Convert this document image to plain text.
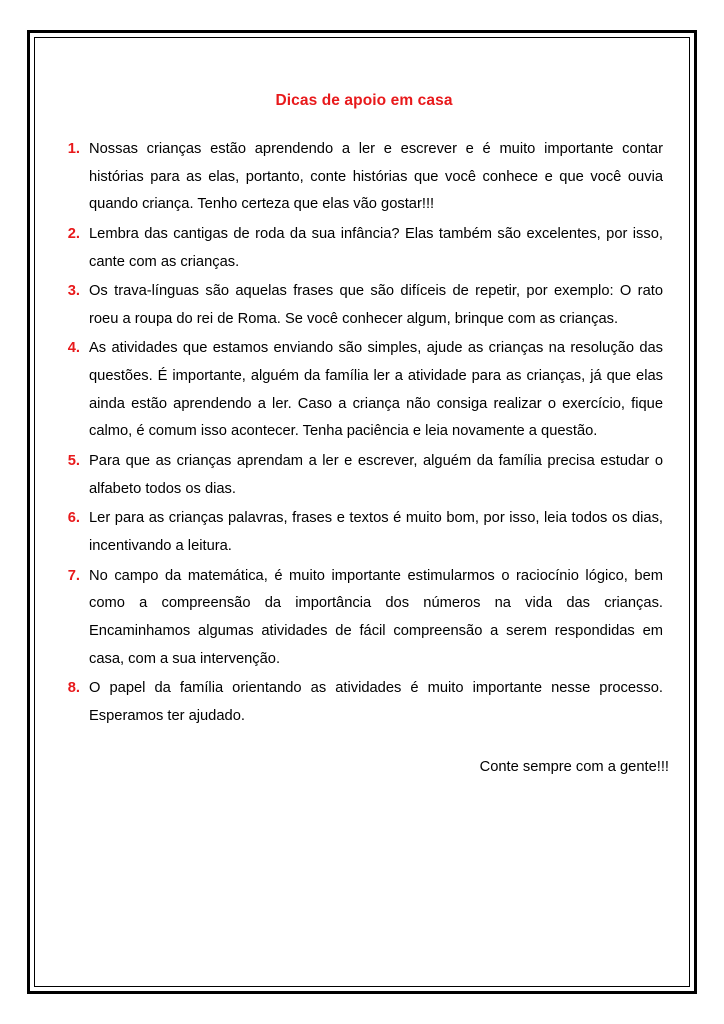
Dicas de apoio em casa
1. Nossas crianças estão aprendendo a ler e escrever e é muito importante contar histórias para as elas, portanto, conte histórias que você conhece e que você ouvia quando criança. Tenho certeza que elas vão gostar!!!
2. Lembra das cantigas de roda da sua infância? Elas também são excelentes, por isso, cante com as crianças.
3. Os trava-línguas são aquelas frases que são difíceis de repetir, por exemplo: O rato roeu a roupa do rei de Roma. Se você conhecer algum, brinque com as crianças.
4. As atividades que estamos enviando são simples, ajude as crianças na resolução das questões. É importante, alguém da família ler a atividade para as crianças, já que elas ainda estão aprendendo a ler. Caso a criança não consiga realizar o exercício, fique calmo, é comum isso acontecer. Tenha paciência e leia novamente a questão.
5. Para que as crianças aprendam a ler e escrever, alguém da família precisa estudar o alfabeto todos os dias.
6. Ler para as crianças palavras, frases e textos é muito bom, por isso, leia todos os dias, incentivando a leitura.
7. No campo da matemática, é muito importante estimularmos o raciocínio lógico, bem como a compreensão da importância dos números na vida das crianças. Encaminhamos algumas atividades de fácil compreensão a serem respondidas em casa, com a sua intervenção.
8. O papel da família orientando as atividades é muito importante nesse processo. Esperamos ter ajudado.
Conte sempre com a gente!!!
